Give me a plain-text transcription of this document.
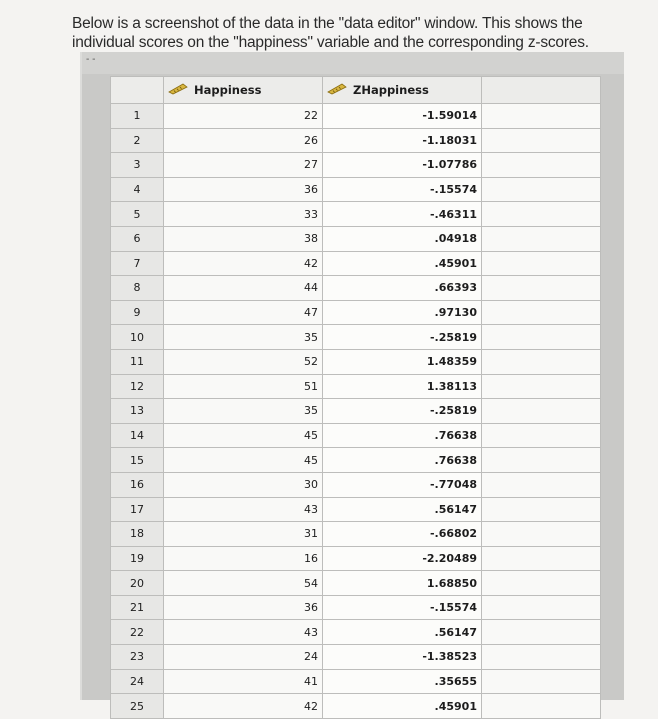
Below is a screenshot of the data in the "data editor" window. This shows the individual scores on the "happiness" variable and the corresponding z-scores.
- -
	Happiness	ZHappiness	
1	22	-1.59014	
2	26	-1.18031	
3	27	-1.07786	
4	36	-.15574	
5	33	-.46311	
6	38	.04918	
7	42	.45901	
8	44	.66393	
9	47	.97130	
10	35	-.25819	
11	52	1.48359	
12	51	1.38113	
13	35	-.25819	
14	45	.76638	
15	45	.76638	
16	30	-.77048	
17	43	.56147	
18	31	-.66802	
19	16	-2.20489	
20	54	1.68850	
21	36	-.15574	
22	43	.56147	
23	24	-1.38523	
24	41	.35655	
25	42	.45901	
